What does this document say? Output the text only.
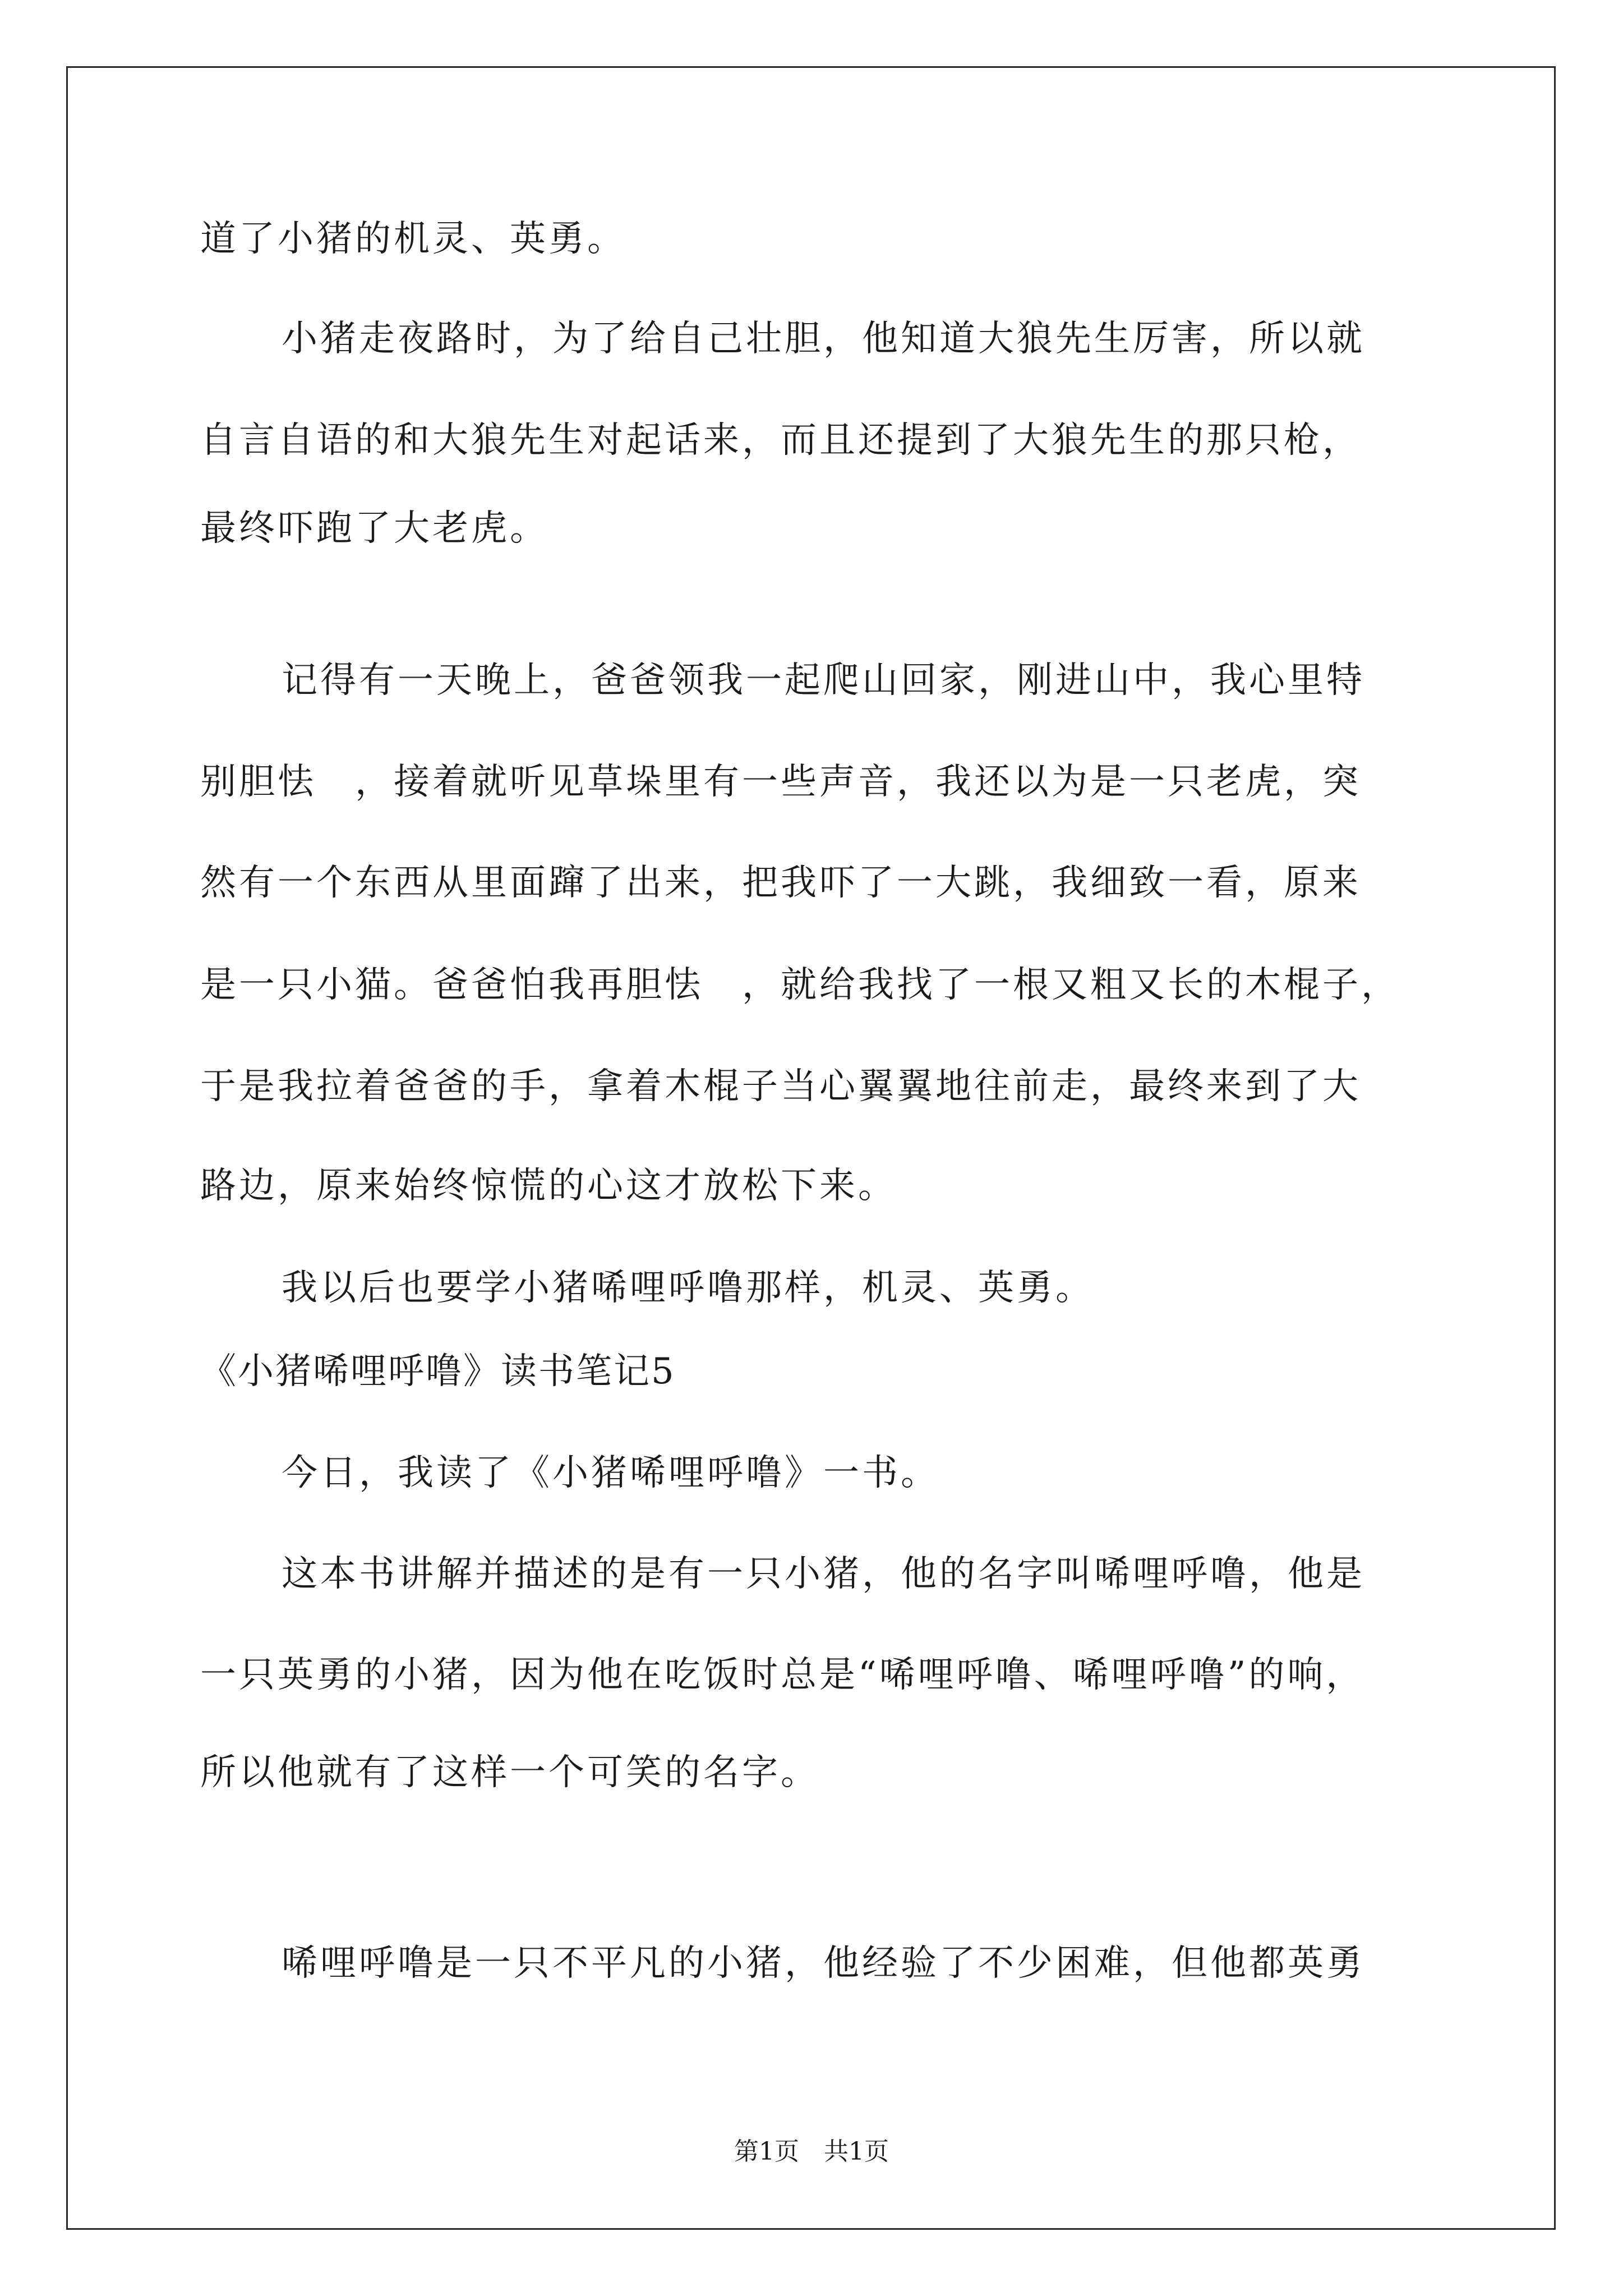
道了小猪的机灵、英勇。
小猪走夜路时，为了给自己壮胆，他知道大狼先生厉害，所以就
自言自语的和大狼先生对起话来，而且还提到了大狼先生的那只枪，
最终吓跑了大老虎。
记得有一天晚上，爸爸领我一起爬山回家，刚进山中，我心里特
别胆怯　，接着就听见草垛里有一些声音，我还以为是一只老虎，突
然有一个东西从里面蹿了出来，把我吓了一大跳，我细致一看，原来
是一只小猫。爸爸怕我再胆怯　，就给我找了一根又粗又长的木棍子，
于是我拉着爸爸的手，拿着木棍子当心翼翼地往前走，最终来到了大
路边，原来始终惊慌的心这才放松下来。
我以后也要学小猪唏哩呼噜那样，机灵、英勇。
《小猪唏哩呼噜》读书笔记5
今日，我读了《小猪唏哩呼噜》一书。
这本书讲解并描述的是有一只小猪，他的名字叫唏哩呼噜，他是
一只英勇的小猪，因为他在吃饭时总是“唏哩呼噜、唏哩呼噜”的响，
所以他就有了这样一个可笑的名字。
唏哩呼噜是一只不平凡的小猪，他经验了不少困难，但他都英勇
第1页　共1页
